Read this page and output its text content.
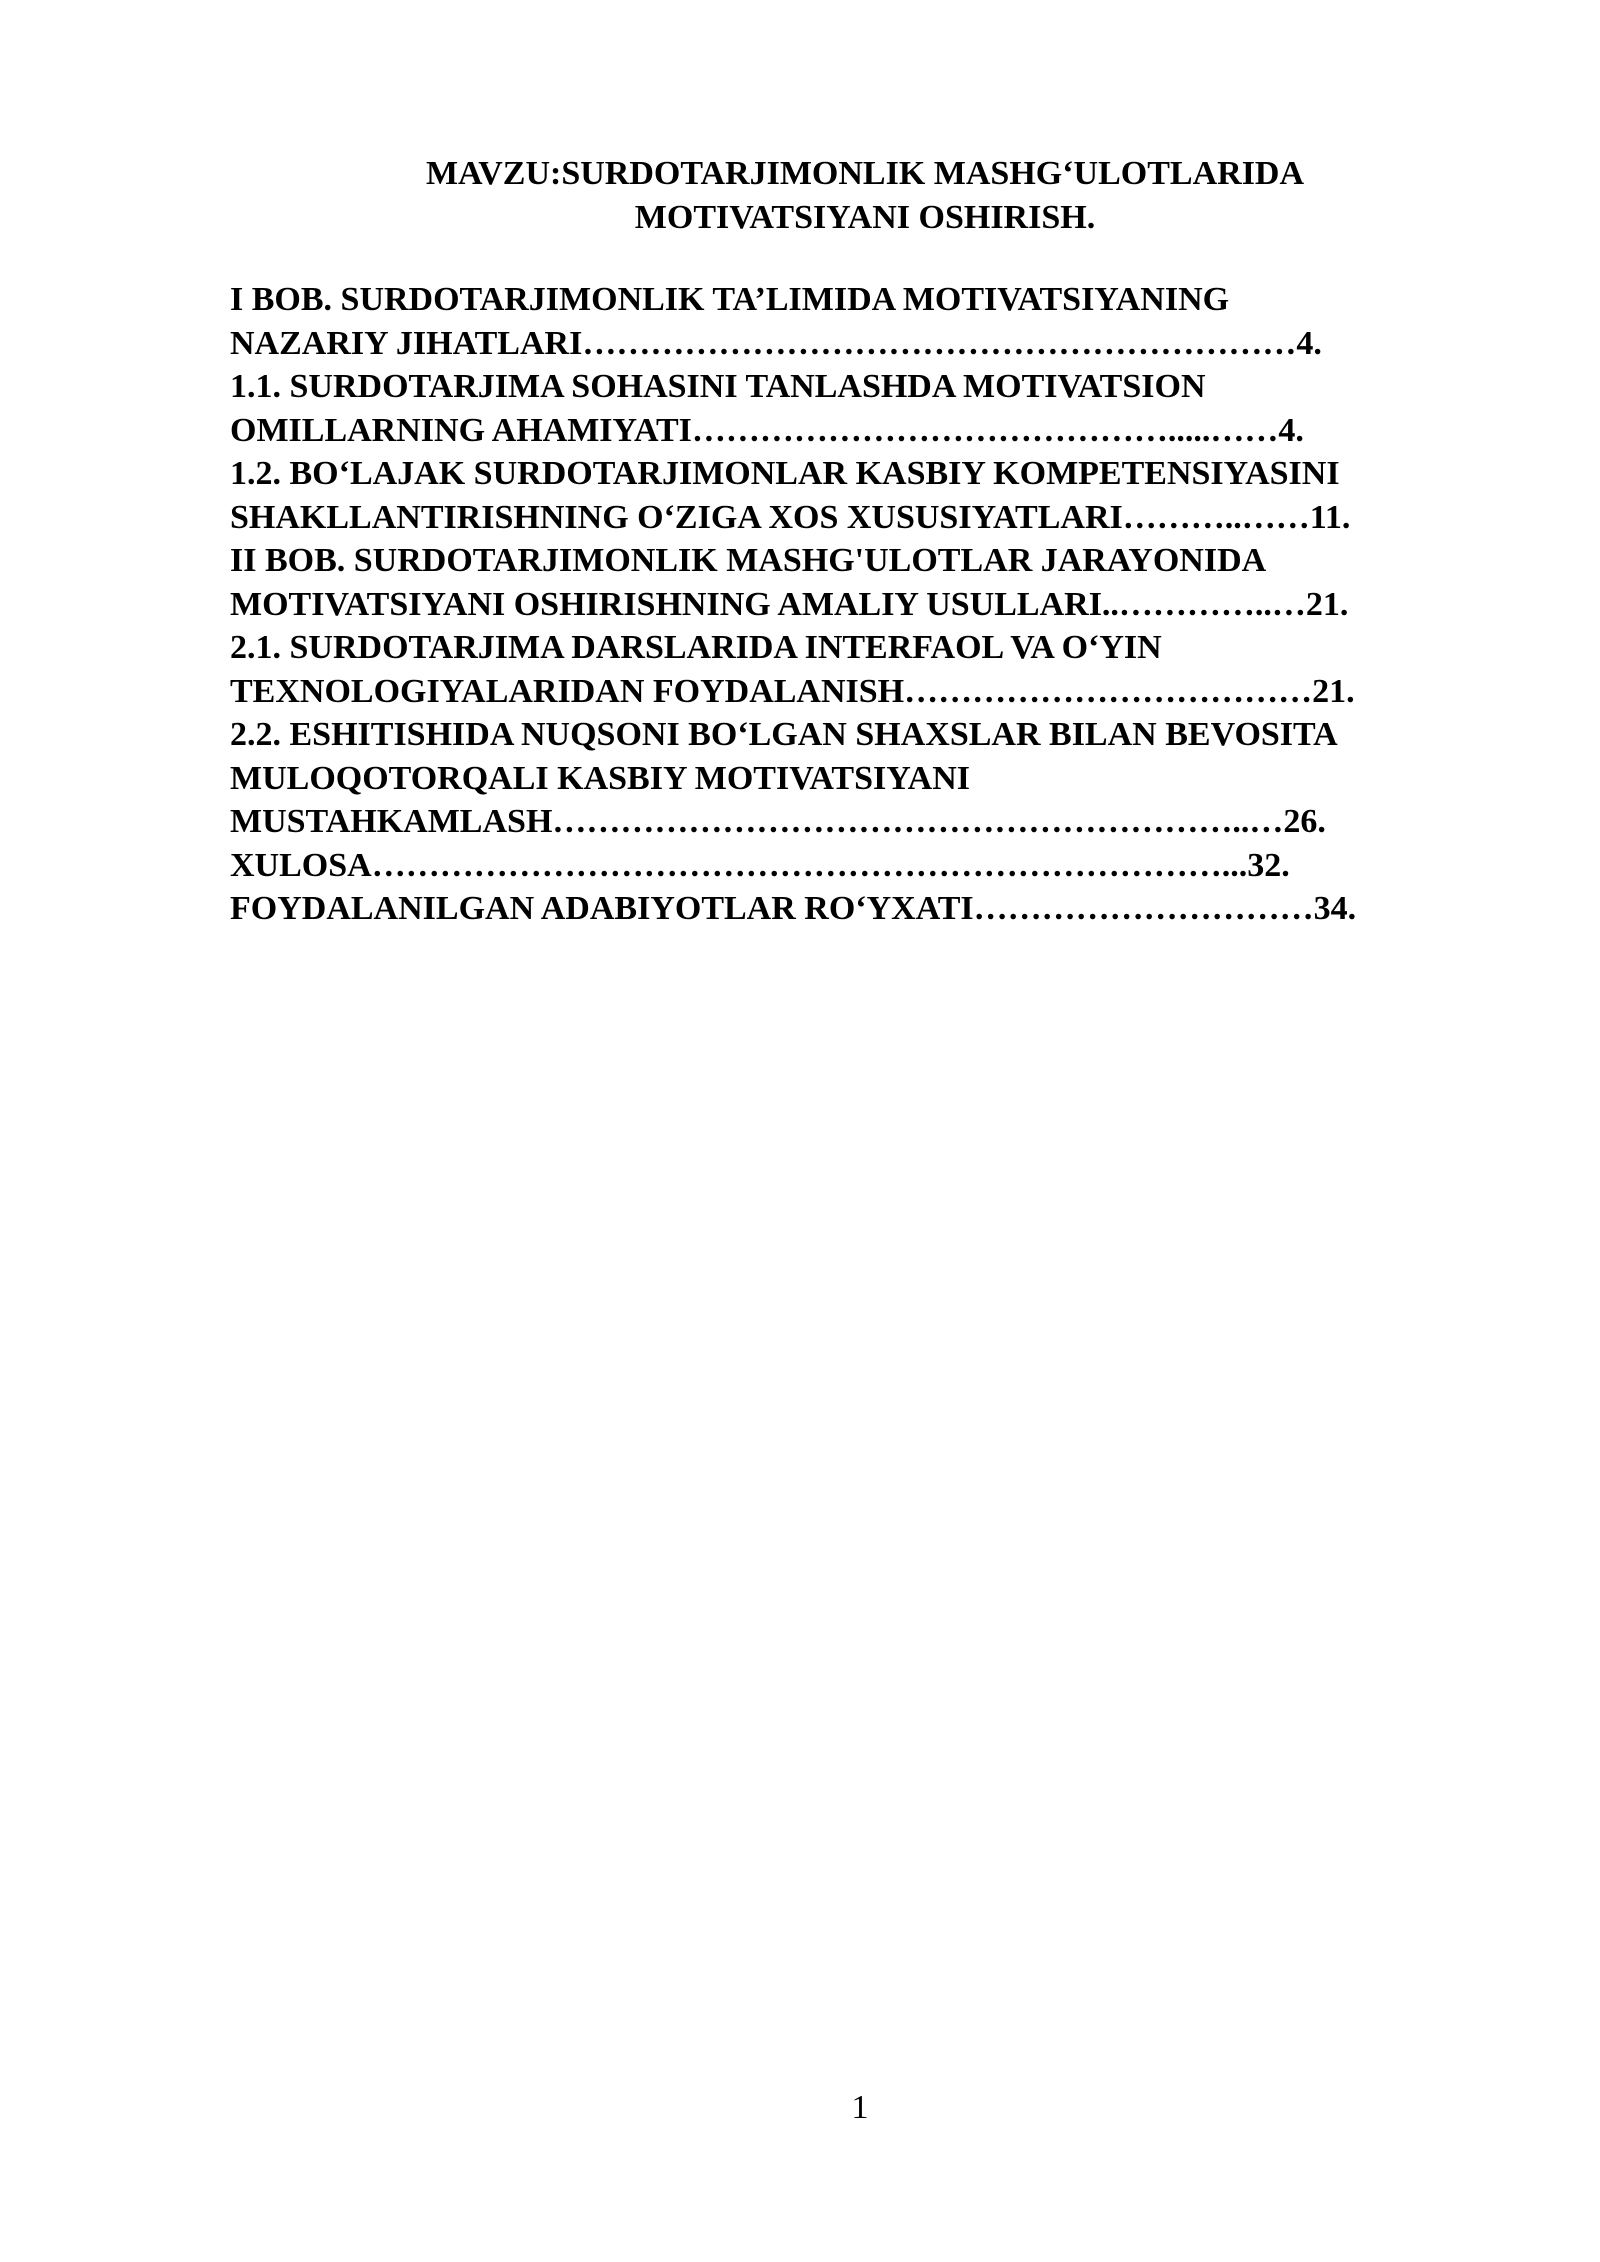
MAVZU:SURDOTARJIMONLIK MASHG‘ULOTLARIDA
MOTIVATSIYANI OSHIRISH.
I BOB. SURDOTARJIMONLIK TA’LIMIDA MOTIVATSIYANING
NAZARIY JIHATLARI………………………………………………………4.
1.1. SURDOTARJIMA SOHASINI TANLASHDA MOTIVATSION
OMILLARNING AHAMIYATI…………………………………….....……4.
1.2. BO‘LAJAK SURDOTARJIMONLAR KASBIY KOMPETENSIYASINI
SHAKLLANTIRISHNING O‘ZIGA XOS XUSUSIYATLARI………..……11.
II BOB. SURDOTARJIMONLIK MASHG'ULOTLAR JARAYONIDA
MOTIVATSIYANI OSHIRISHNING AMALIY USULLARI..…………..…21.
2.1. SURDOTARJIMA DARSLARIDA INTERFAOL VA O‘YIN
TEXNOLOGIYALARIDAN FOYDALANISH………………………………21.
2.2. ESHITISHIDA NUQSONI BO‘LGAN SHAXSLAR BILAN BEVOSITA
MULOQOTORQALI KASBIY MOTIVATSIYANI
MUSTAHKAMLASH……………………………………………………..…26.
XULOSA…………………………………………………………………...32.
FOYDALANILGAN ADABIYOTLAR RO‘YXATI…………………………34.
1
